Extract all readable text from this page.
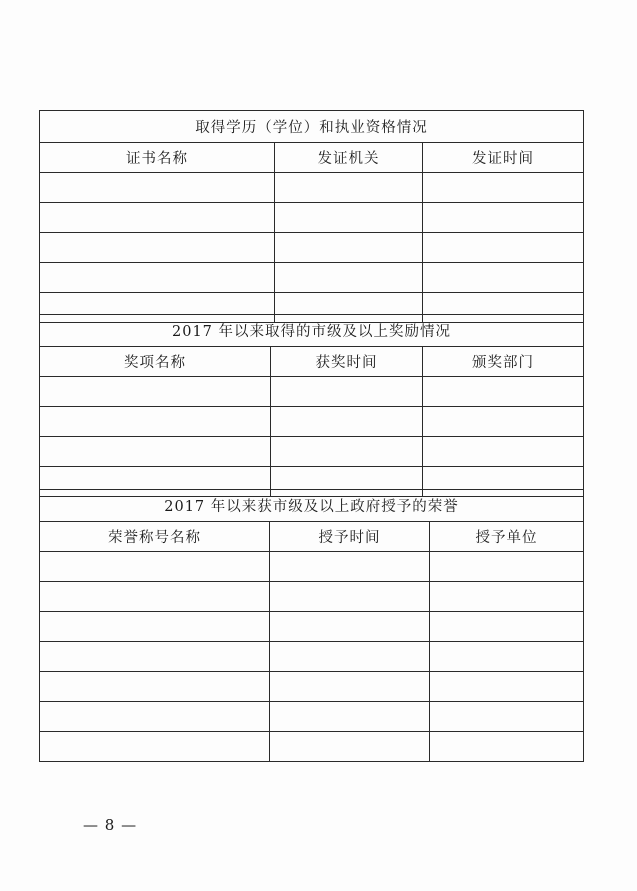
— 8 —
取得学历（学位）和执业资格情况		
证书名称	发证机关	发证时间

2017 年以来取得的市级及以上奖励情况		
奖项名称	获奖时间	颁奖部门

2017 年以来获市级及以上政府授予的荣誉		
荣誉称号名称	授予时间	授予单位
